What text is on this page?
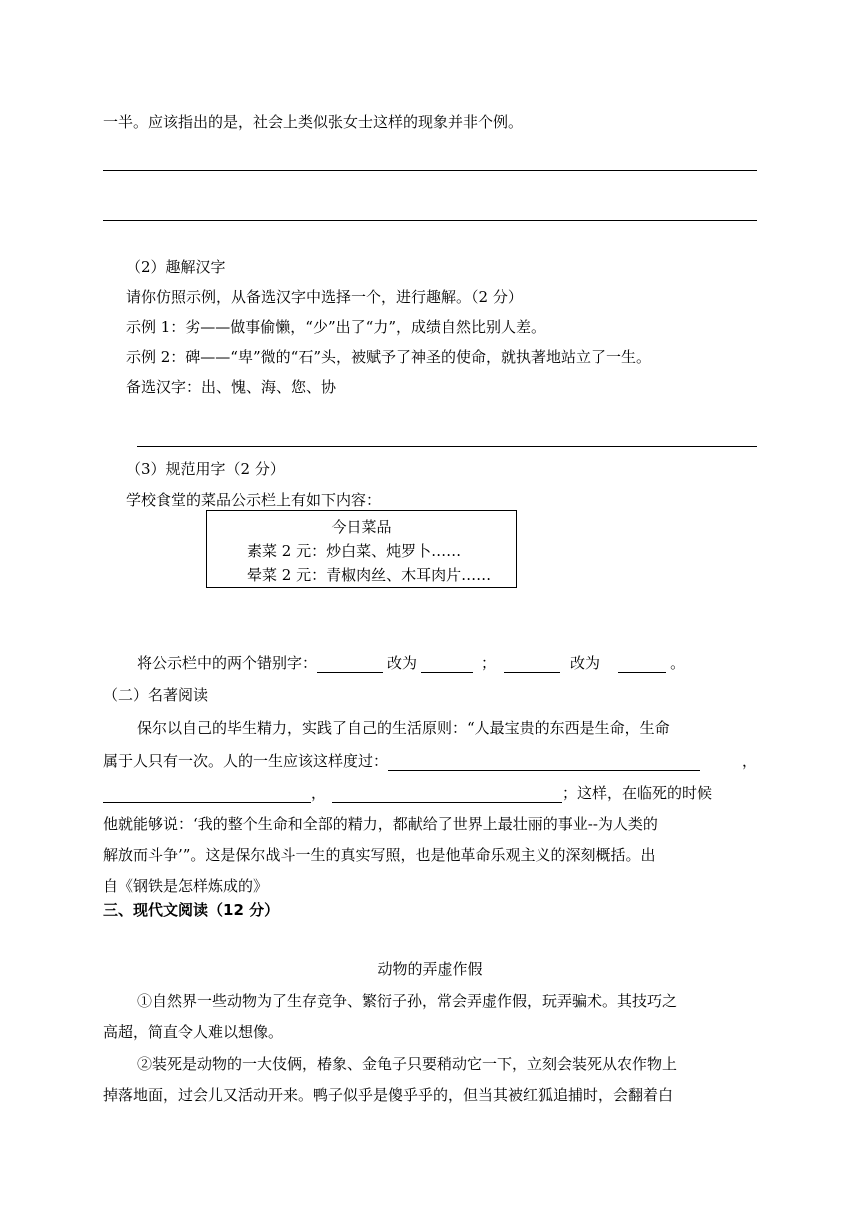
一半。应该指出的是，社会上类似张女士这样的现象并非个例。
（2）趣解汉字
请你仿照示例，从备选汉字中选择一个，进行趣解。（2 分）
示例 1：劣——做事偷懒，“少”出了“力”，成绩自然比别人差。
示例 2：碑——“卑”微的“石”头，被赋予了神圣的使命，就执著地站立了一生。
备选汉字：出、愧、海、您、协
（3）规范用字（2 分）
学校食堂的菜品公示栏上有如下内容：
今日菜品
素菜 2 元：炒白菜、炖罗卜……
晕菜 2 元：青椒肉丝、木耳肉片……
将公示栏中的两个错别字：	改为	；	改为	。
（二）名著阅读
保尔以自己的毕生精力，实践了自己的生活原则：“人最宝贵的东西是生命，生命
属于人只有一次。人的一生应该这样度过：	，
，	；这样，在临死的时候
他就能够说：‘我的整个生命和全部的精力，都献给了世界上最壮丽的事业--为人类的
解放而斗争’”。这是保尔战斗一生的真实写照，也是他革命乐观主义的深刻概括。出
自《钢铁是怎样炼成的》
三、现代文阅读（12 分）
动物的弄虚作假
①自然界一些动物为了生存竞争、繁衍子孙，常会弄虚作假，玩弄骗术。其技巧之
高超，简直令人难以想像。
②装死是动物的一大伎俩，椿象、金龟子只要稍动它一下，立刻会装死从农作物上
掉落地面，过会儿又活动开来。鸭子似乎是傻乎乎的，但当其被红狐追捕时，会翻着白
